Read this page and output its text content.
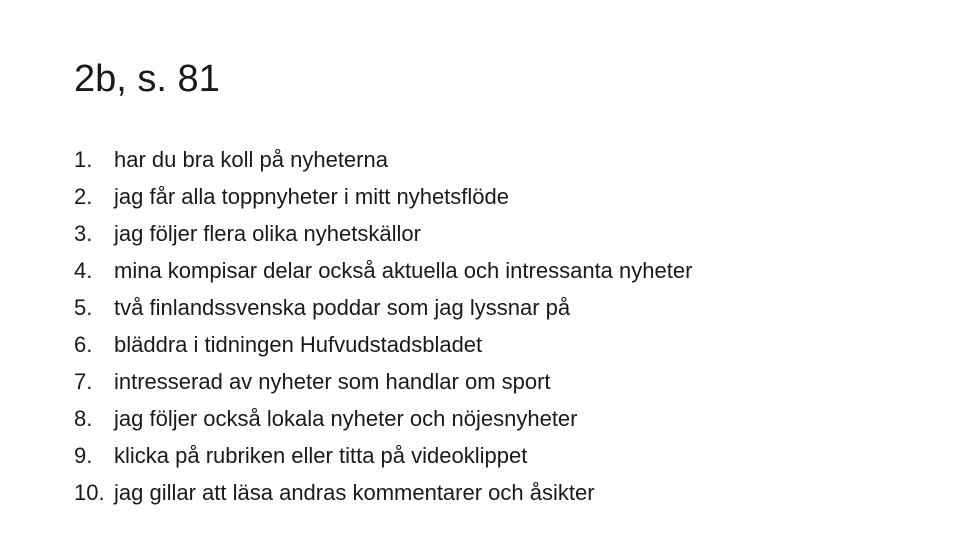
2b, s. 81
1. har du bra koll på nyheterna
2. jag får alla toppnyheter i mitt nyhetsflöde
3. jag följer flera olika nyhetskällor
4. mina kompisar delar också aktuella och intressanta nyheter
5. två finlandssvenska poddar som jag lyssnar på
6. bläddra i tidningen Hufvudstadsbladet
7. intresserad av nyheter som handlar om sport
8. jag följer också lokala nyheter och nöjesnyheter
9. klicka på rubriken eller titta på videoklippet
10. jag gillar att läsa andras kommentarer och åsikter
